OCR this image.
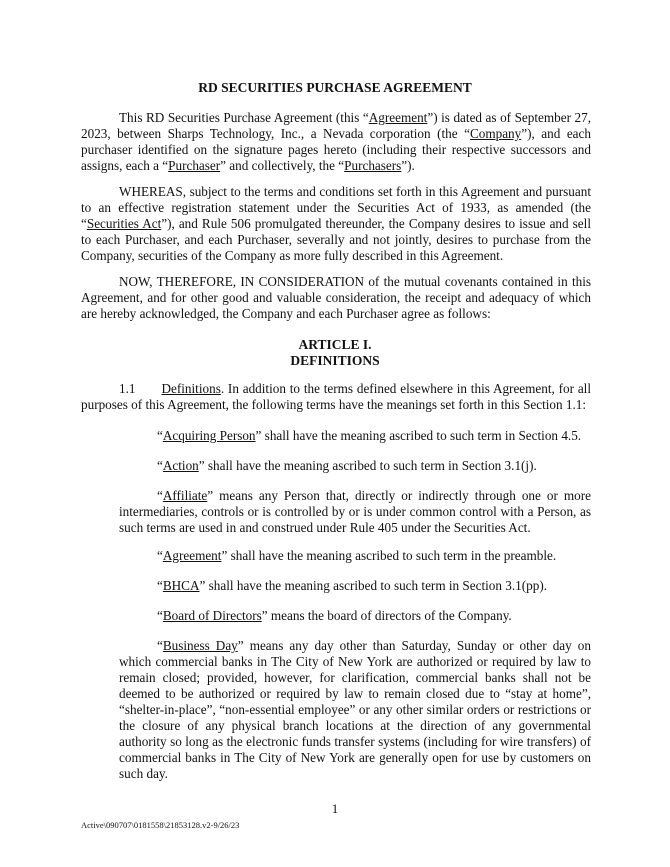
RD SECURITIES PURCHASE AGREEMENT
This RD Securities Purchase Agreement (this “Agreement”) is dated as of September 27, 2023, between Sharps Technology, Inc., a Nevada corporation (the “Company”), and each purchaser identified on the signature pages hereto (including their respective successors and assigns, each a “Purchaser” and collectively, the “Purchasers”).
WHEREAS, subject to the terms and conditions set forth in this Agreement and pursuant to an effective registration statement under the Securities Act of 1933, as amended (the “Securities Act”), and Rule 506 promulgated thereunder, the Company desires to issue and sell to each Purchaser, and each Purchaser, severally and not jointly, desires to purchase from the Company, securities of the Company as more fully described in this Agreement.
NOW, THEREFORE, IN CONSIDERATION of the mutual covenants contained in this Agreement, and for other good and valuable consideration, the receipt and adequacy of which are hereby acknowledged, the Company and each Purchaser agree as follows:
ARTICLE I.
DEFINITIONS
1.1 Definitions. In addition to the terms defined elsewhere in this Agreement, for all purposes of this Agreement, the following terms have the meanings set forth in this Section 1.1:
“Acquiring Person” shall have the meaning ascribed to such term in Section 4.5.
“Action” shall have the meaning ascribed to such term in Section 3.1(j).
“Affiliate” means any Person that, directly or indirectly through one or more intermediaries, controls or is controlled by or is under common control with a Person, as such terms are used in and construed under Rule 405 under the Securities Act.
“Agreement” shall have the meaning ascribed to such term in the preamble.
“BHCA” shall have the meaning ascribed to such term in Section 3.1(pp).
“Board of Directors” means the board of directors of the Company.
“Business Day” means any day other than Saturday, Sunday or other day on which commercial banks in The City of New York are authorized or required by law to remain closed; provided, however, for clarification, commercial banks shall not be deemed to be authorized or required by law to remain closed due to “stay at home”, “shelter-in-place”, “non-essential employee” or any other similar orders or restrictions or the closure of any physical branch locations at the direction of any governmental authority so long as the electronic funds transfer systems (including for wire transfers) of commercial banks in The City of New York are generally open for use by customers on such day.
1
Active\090707\0181558\21853128.v2-9/26/23
